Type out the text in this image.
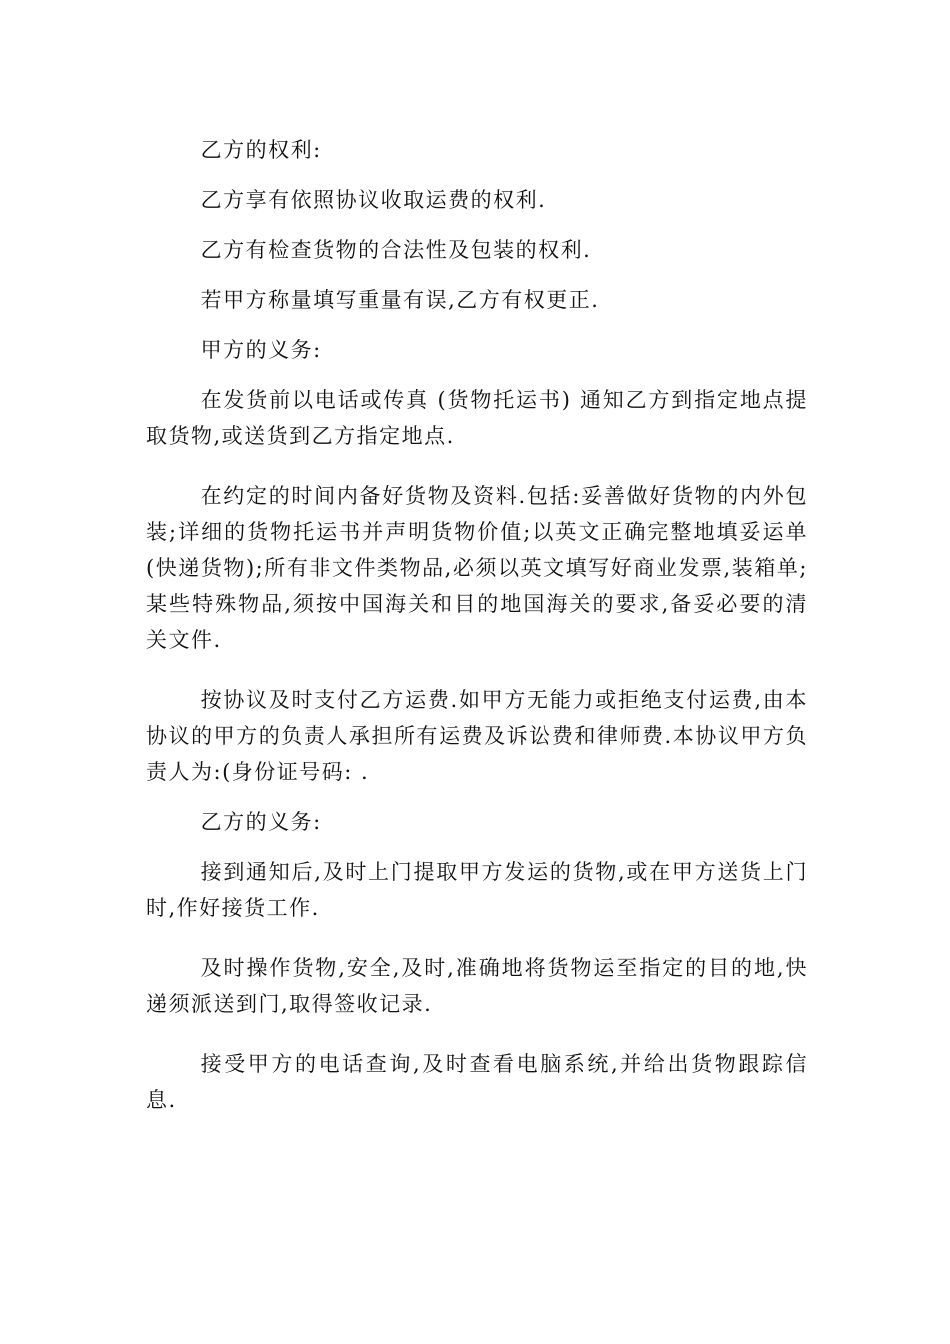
乙方的权利:

乙方享有依照协议收取运费的权利.

乙方有检查货物的合法性及包装的权利.

若甲方称量填写重量有误,乙方有权更正.

甲方的义务:

在发货前以电话或传真 (货物托运书) 通知乙方到指定地点提取货物,或送货到乙方指定地点.

在约定的时间内备好货物及资料.包括:妥善做好货物的内外包装;详细的货物托运书并声明货物价值;以英文正确完整地填妥运单(快递货物);所有非文件类物品,必须以英文填写好商业发票,装箱单;某些特殊物品,须按中国海关和目的地国海关的要求,备妥必要的清关文件.

按协议及时支付乙方运费.如甲方无能力或拒绝支付运费,由本协议的甲方的负责人承担所有运费及诉讼费和律师费.本协议甲方负责人为:(身份证号码: .

乙方的义务:

接到通知后,及时上门提取甲方发运的货物,或在甲方送货上门时,作好接货工作.

及时操作货物,安全,及时,准确地将货物运至指定的目的地,快递须派送到门,取得签收记录.

接受甲方的电话查询,及时查看电脑系统,并给出货物跟踪信息.
